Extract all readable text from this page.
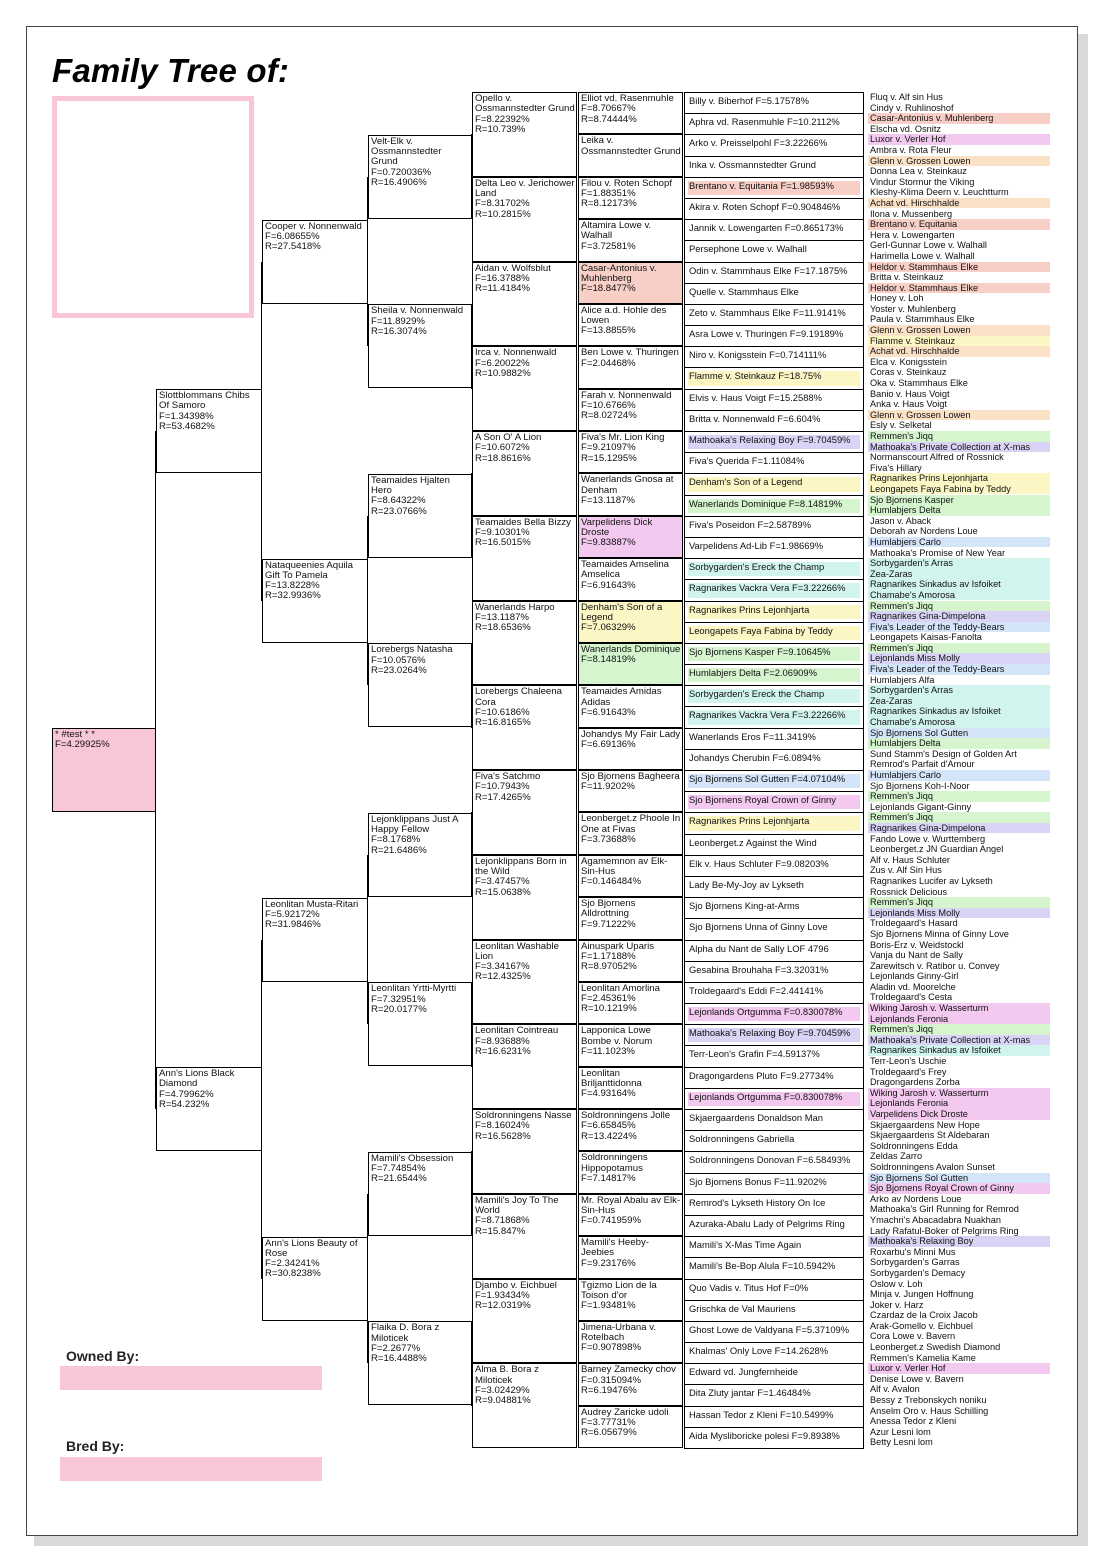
Family Tree of:
Owned By:
Bred By:
* #test * *
F=4.29925%
Slottblommans Chibs Of Samoro
F=1.34398%
R=53.4682%
Ann's Lions Black Diamond
F=4.79962%
R=54.232%
Cooper v. Nonnenwald
F=6.08655%
R=27.5418%
Nataqueenies Aquila Gift To Pamela
F=13.8228%
R=32.9936%
Leonlitan Musta-Ritari
F=5.92172%
R=31.9846%
Ann's Lions Beauty of Rose
F=2.34241%
R=30.8238%
Velt-Elk v. Ossmannstedter Grund
F=0.720036%
R=16.4906%
Sheila v. Nonnenwald
F=11.8929%
R=16.3074%
Teamaides Hjalten Hero
F=8.64322%
R=23.0766%
Lorebergs Natasha
F=10.0576%
R=23.0264%
Lejonklippans Just A Happy Fellow
F=8.1768%
R=21.6486%
Leonlitan Yrtti-Myrtti
F=7.32951%
R=20.0177%
Mamili's Obsession
F=7.74854%
R=21.6544%
Flaika D. Bora z Miloticek
F=2.2677%
R=16.4488%
Opello v. Ossmannstedter Grund
F=8.22392%
R=10.739%
Delta Leo v. Jerichower Land
F=8.31702%
R=10.2815%
Aidan v. Wolfsblut
F=16.3788%
R=11.4184%
Irca v. Nonnenwald
F=6.20022%
R=10.9882%
A Son O' A Lion
F=10.6072%
R=18.8616%
Teamaides Bella Bizzy
F=9.10301%
R=16.5015%
Wanerlands Harpo
F=13.1187%
R=18.6536%
Lorebergs Chaleena Cora
F=10.6186%
R=16.8165%
Fiva's Satchmo
F=10.7943%
R=17.4265%
Lejonklippans Born in the Wild
F=3.47457%
R=15.0638%
Leonlitan Washable Lion
F=3.34167%
R=12.4325%
Leonlitan Cointreau
F=8.93688%
R=16.6231%
Soldronningens Nasse
F=8.16024%
R=16.5628%
Mamili's Joy To The World
F=8.71868%
R=15.847%
Djambo v. Eichbuel
F=1.93434%
R=12.0319%
Alma B. Bora z Miloticek
F=3.02429%
R=9.04881%
Elliot vd. Rasenmuhle
F=8.70667%
R=8.74444%
Leika v. Ossmannstedter Grund
Filou v. Roten Schopf
F=1.88351%
R=8.12173%
Altamira Lowe v. Walhall
F=3.72581%
Casar-Antonius v. Muhlenberg
F=18.8477%
Alice a.d. Hohle des Lowen
F=13.8855%
Ben Lowe v. Thuringen
F=2.04468%
Farah v. Nonnenwald
F=10.6766%
R=8.02724%
Fiva's Mr. Lion King
F=9.21097%
R=15.1295%
Wanerlands Gnosa at Denham
F=13.1187%
Varpelidens Dick Droste
F=9.83887%
Teamaides Amselina Amselica
F=6.91643%
Denham's Son of a Legend
F=7.06329%
Wanerlands Dominique
F=8.14819%
Teamaides Amidas Adidas
F=6.91643%
Johandys My Fair Lady
F=6.69136%
Sjo Bjornens Bagheera
F=11.9202%
Leonberget.z Phoole In One at Fivas
F=3.73688%
Agamemnon av Elk-Sin-Hus
F=0.146484%
Sjo Bjornens Alldrottning
F=9.71222%
Ainuspark Uparis
F=1.17188%
R=8.97052%
Leonlitan Amorlina
F=2.45361%
R=10.1219%
Lapponica Lowe Bombe v. Norum
F=11.1023%
Leonlitan Briljanttidonna
F=4.93164%
Soldronningens Jolle
F=6.65845%
R=13.4224%
Soldronningens Hippopotamus
F=7.14817%
Mr. Royal Abalu av Elk-Sin-Hus
F=0.741959%
Mamili's Heeby-Jeebies
F=9.23176%
Tgizmo Lion de la Toison d'or
F=1.93481%
Jimena-Urbana v. Rotelbach
F=0.907898%
Barney Zamecky chov
F=0.315094%
R=6.19476%
Audrey Zaricke udoli
F=3.77731%
R=6.05679%
Billy v. Biberhof F=5.17578%
Aphra vd. Rasenmuhle F=10.2112%
Arko v. Preisselpohl F=3.22266%
Inka v. Ossmannstedter Grund
Brentano v. Equitania F=1.98593%
Akira v. Roten Schopf F=0.904846%
Jannik v. Lowengarten F=0.865173%
Persephone Lowe v. Walhall
Odin v. Stammhaus Elke F=17.1875%
Quelle v. Stammhaus Elke
Zeto v. Stammhaus Elke F=11.9141%
Asra Lowe v. Thuringen F=9.19189%
Niro v. Konigsstein F=0.714111%
Flamme v. Steinkauz F=18.75%
Elvis v. Haus Voigt F=15.2588%
Britta v. Nonnenwald F=6.604%
Mathoaka's Relaxing Boy F=9.70459%
Fiva's Querida F=1.11084%
Denham's Son of a Legend
Wanerlands Dominique F=8.14819%
Fiva's Poseidon F=2.58789%
Varpelidens Ad-Lib F=1.98669%
Sorbygarden's Ereck the Champ
Ragnarikes Vackra Vera F=3.22266%
Ragnarikes Prins Lejonhjarta
Leongapets Faya Fabina by Teddy
Sjo Bjornens Kasper F=9.10645%
Humlabjers Delta F=2.06909%
Sorbygarden's Ereck the Champ
Ragnarikes Vackra Vera F=3.22266%
Wanerlands Eros F=11.3419%
Johandys Cherubin F=6.0894%
Sjo Bjornens Sol Gutten F=4.07104%
Sjo Bjornens Royal Crown of Ginny
Ragnarikes Prins Lejonhjarta
Leonberget.z Against the Wind
Elk v. Haus Schluter F=9.08203%
Lady Be-My-Joy av Lykseth
Sjo Bjornens King-at-Arms
Sjo Bjornens Unna of Ginny Love
Alpha du Nant de Sally LOF 4796
Gesabina Brouhaha F=3.32031%
Troldegaard's Eddi F=2.44141%
Lejonlands Ortgumma F=0.830078%
Mathoaka's Relaxing Boy F=9.70459%
Terr-Leon's Grafin F=4.59137%
Dragongardens Pluto F=9.27734%
Lejonlands Ortgumma F=0.830078%
Skjaergaardens Donaldson Man
Soldronningens Gabriella
Soldronningens Donovan F=6.58493%
Sjo Bjornens Bonus F=11.9202%
Remrod's Lykseth History On Ice
Azuraka-Abalu Lady of Pelgrims Ring
Mamili's X-Mas Time Again
Mamili's Be-Bop Alula F=10.5942%
Quo Vadis v. Titus Hof F=0%
Grischka de Val Mauriens
Ghost Lowe de Valdyana F=5.37109%
Khalmas' Only Love F=14.2628%
Edward vd. Jungfernheide
Dita Zluty jantar F=1.46484%
Hassan Tedor z Kleni F=10.5499%
Aida Mysliboricke polesi F=9.8938%
Fluq v. Alf sin Hus
Cindy v. Ruhlinoshof
Casar-Antonius v. Muhlenberg
Elscha vd. Osnitz
Luxor v. Verler Hof
Ambra v. Rota Fleur
Glenn v. Grossen Lowen
Donna Lea v. Steinkauz
Vindur Stormur the Viking
Kleshy-Klima Deern v. Leuchtturm
Achat vd. Hirschhalde
Ilona v. Mussenberg
Brentano v. Equitania
Hera v. Lowengarten
Gerl-Gunnar Lowe v. Walhall
Harimella Lowe v. Walhall
Heldor v. Stammhaus Elke
Britta v. Steinkauz
Heldor v. Stammhaus Elke
Honey v. Loh
Yoster v. Muhlenberg
Paula v. Stammhaus Elke
Glenn v. Grossen Lowen
Flamme v. Steinkauz
Achat vd. Hirschhalde
Elca v. Konigsstein
Coras v. Steinkauz
Oka v. Stammhaus Elke
Banio v. Haus Voigt
Anka v. Haus Voigt
Glenn v. Grossen Lowen
Esly v. Selketal
Remmen's Jiqq
Mathoaka's Private Collection at X-mas
Normanscourt Alfred of Rossnick
Fiva's Hillary
Ragnarikes Prins Lejonhjarta
Leongapets Faya Fabina by Teddy
Sjo Bjornens Kasper
Humlabjers Delta
Jason v. Aback
Deborah av Nordens Loue
Humlabjers Carlo
Mathoaka's Promise of New Year
Sorbygarden's Arras
Zea-Zaras
Ragnarikes Sinkadus av Isfoiket
Chamabe's Amorosa
Remmen's Jiqq
Ragnarikes Gina-Dimpelona
Fiva's Leader of the Teddy-Bears
Leongapets Kaisas-Fanolta
Remmen's Jiqq
Lejonlands Miss Molly
Fiva's Leader of the Teddy-Bears
Humlabjers Alfa
Sorbygarden's Arras
Zea-Zaras
Ragnarikes Sinkadus av Isfoiket
Chamabe's Amorosa
Sjo Bjornens Sol Gutten
Humlabjers Delta
Sund Stamm's Design of Golden Art
Remrod's Parfait d'Amour
Humlabjers Carlo
Sjo Bjornens Koh-I-Noor
Remmen's Jiqq
Lejonlands Gigant-Ginny
Remmen's Jiqq
Ragnarikes Gina-Dimpelona
Fando Lowe v. Wurttemberg
Leonberget.z JN Guardian Angel
Alf v. Haus Schluter
Zus v. Alf Sin Hus
Ragnarikes Lucifer av Lykseth
Rossnick Delicious
Remmen's Jiqq
Lejonlands Miss Molly
Troldegaard's Hasard
Sjo Bjornens Minna of Ginny Love
Boris-Erz v. Weidstockl
Vanja du Nant de Sally
Zarewitsch v. Ratibor u. Convey
Lejonlands Ginny-Girl
Aladin vd. Moorelche
Troldegaard's Cesta
Wiking Jarosh v. Wasserturm
Lejonlands Feronia
Remmen's Jiqq
Mathoaka's Private Collection at X-mas
Ragnarikes Sinkadus av Isfoiket
Terr-Leon's Uschie
Troldegaard's Frey
Dragongardens Zorba
Wiking Jarosh v. Wasserturm
Lejonlands Feronia
Varpelidens Dick Droste
Skjaergaardens New Hope
Skjaergaardens St Aldebaran
Soldronningens Edda
Zeldas Zarro
Soldronningens Avalon Sunset
Sjo Bjornens Sol Gutten
Sjo Bjornens Royal Crown of Ginny
Arko av Nordens Loue
Mathoaka's Girl Running for Remrod
Ymachri's Abacadabra Nuakhan
Lady Rafatul-Boker of Pelgrims Ring
Mathoaka's Relaxing Boy
Roxarbu's Minni Mus
Sorbygarden's Garras
Sorbygarden's Demacy
Oslow v. Loh
Minja v. Jungen Hoffnung
Joker v. Harz
Czardaz de la Croix Jacob
Arak-Gomello v. Eichbuel
Cora Lowe v. Bavern
Leonberget.z Swedish Diamond
Remmen's Kamelia Kame
Luxor v. Verler Hof
Denise Lowe v. Bavern
Alf v. Avalon
Bessy z Trebonskych noniku
Anselm Oro v. Haus Schilling
Anessa Tedor z Kleni
Azur Lesni lom
Betty Lesni lom
